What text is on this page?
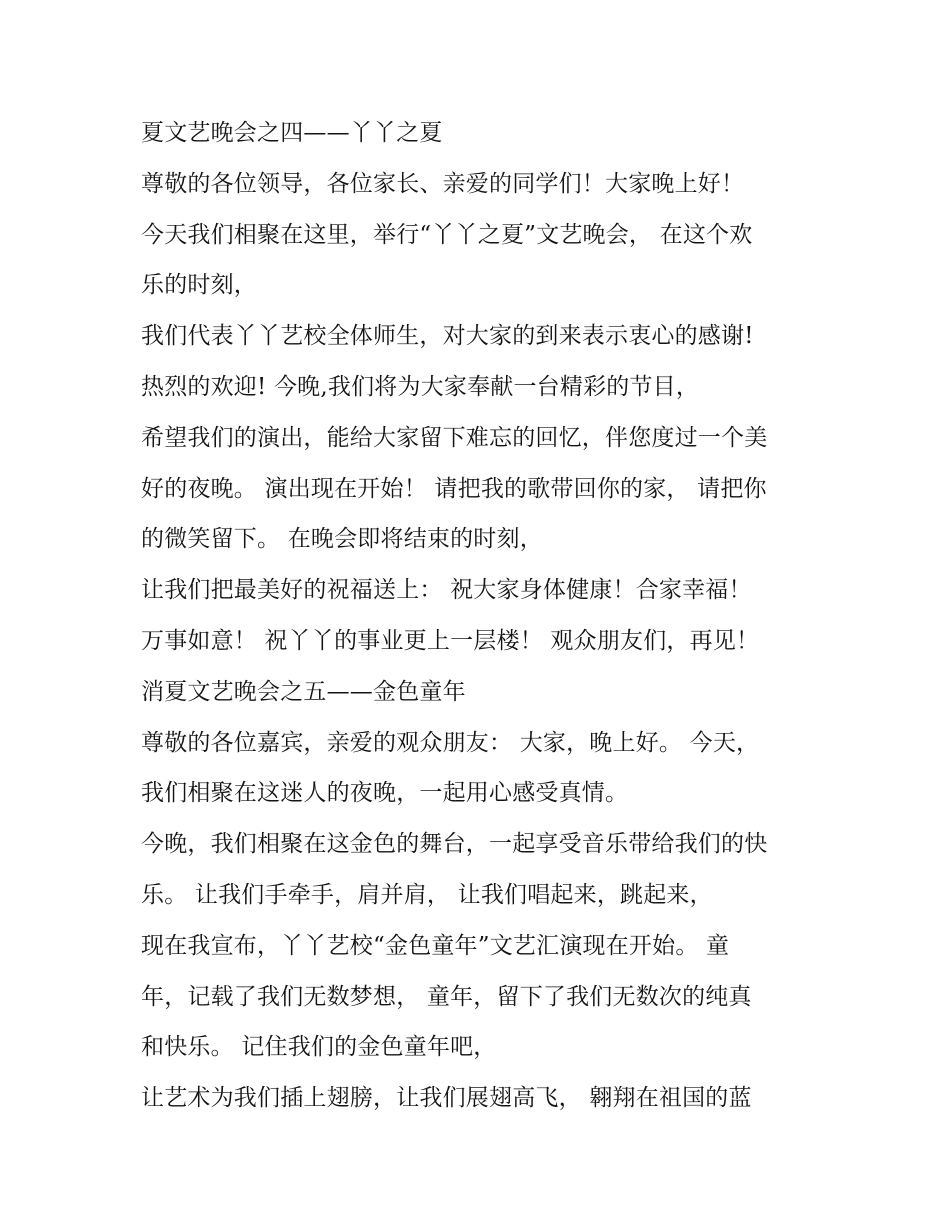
夏文艺晚会之四——丫丫之夏
尊敬的各位领导，各位家长、亲爱的同学们！大家晚上好！
今天我们相聚在这里，举行“丫丫之夏”文艺晚会， 在这个欢
乐的时刻，
我们代表丫丫艺校全体师生，对大家的到来表示衷心的感谢!
热烈的欢迎! 今晚,我们将为大家奉献一台精彩的节目，
希望我们的演出，能给大家留下难忘的回忆，伴您度过一个美
好的夜晚。 演出现在开始！ 请把我的歌带回你的家， 请把你
的微笑留下。 在晚会即将结束的时刻，
让我们把最美好的祝福送上： 祝大家身体健康！合家幸福！
万事如意！ 祝丫丫的事业更上一层楼！ 观众朋友们，再见！
消夏文艺晚会之五——金色童年
尊敬的各位嘉宾，亲爱的观众朋友： 大家，晚上好。 今天，
我们相聚在这迷人的夜晚，一起用心感受真情。
今晚，我们相聚在这金色的舞台，一起享受音乐带给我们的快
乐。 让我们手牵手，肩并肩， 让我们唱起来，跳起来，
现在我宣布，丫丫艺校“金色童年”文艺汇演现在开始。 童
年，记载了我们无数梦想， 童年，留下了我们无数次的纯真
和快乐。 记住我们的金色童年吧，
让艺术为我们插上翅膀，让我们展翅高飞， 翱翔在祖国的蓝
